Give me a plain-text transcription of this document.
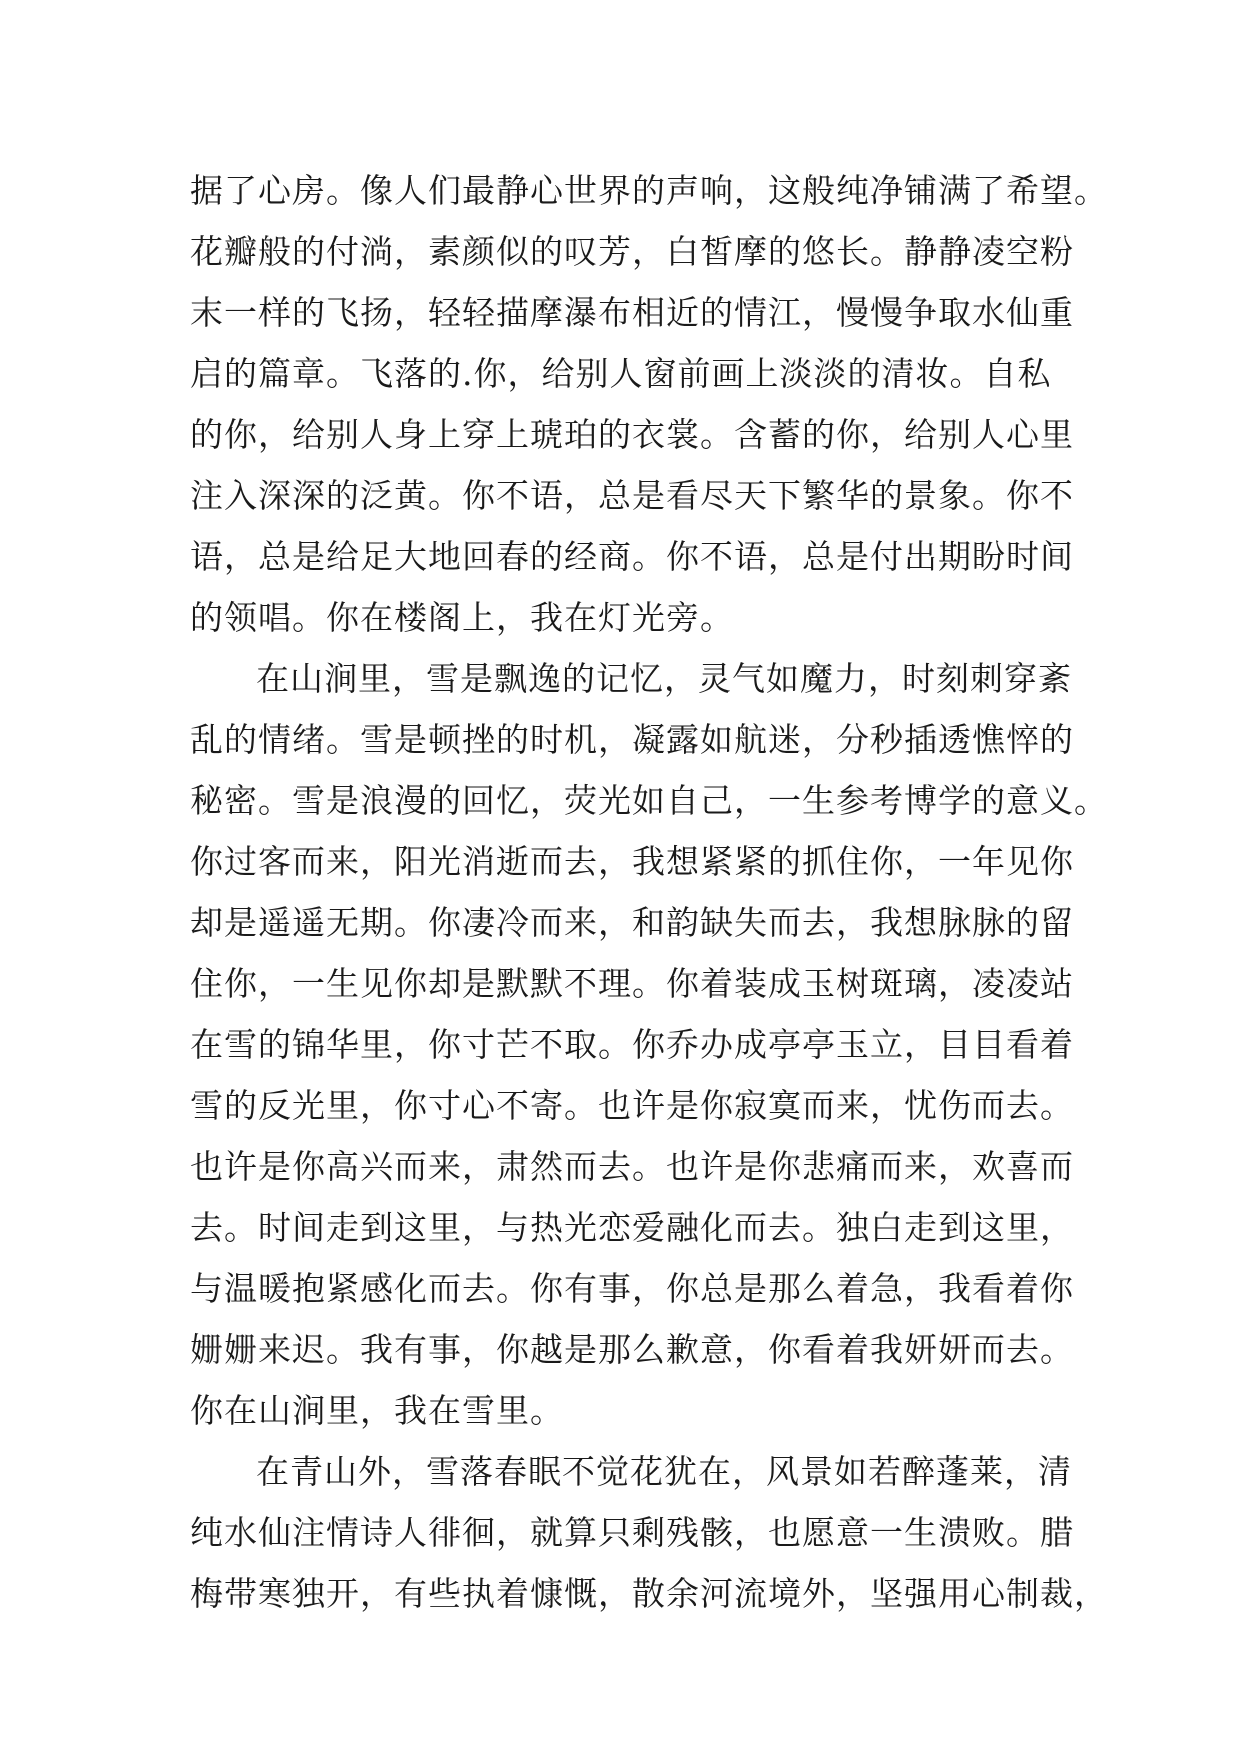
据了心房。像人们最静心世界的声响，这般纯净铺满了希望。
花瓣般的付淌，素颜似的叹芳，白皙摩的悠长。静静凌空粉
末一样的飞扬，轻轻描摩瀑布相近的情江，慢慢争取水仙重
启的篇章。飞落的.你，给别人窗前画上淡淡的清妆。自私
的你，给别人身上穿上琥珀的衣裳。含蓄的你，给别人心里
注入深深的泛黄。你不语，总是看尽天下繁华的景象。你不
语，总是给足大地回春的经商。你不语，总是付出期盼时间
的领唱。你在楼阁上，我在灯光旁。
在山涧里，雪是飘逸的记忆，灵气如魔力，时刻刺穿紊
乱的情绪。雪是顿挫的时机，凝露如航迷，分秒插透憔悴的
秘密。雪是浪漫的回忆，荧光如自己，一生参考博学的意义。
你过客而来，阳光消逝而去，我想紧紧的抓住你，一年见你
却是遥遥无期。你凄冷而来，和韵缺失而去，我想脉脉的留
住你，一生见你却是默默不理。你着装成玉树斑璃，凌凌站
在雪的锦华里，你寸芒不取。你乔办成亭亭玉立，目目看着
雪的反光里，你寸心不寄。也许是你寂寞而来，忧伤而去。
也许是你高兴而来，肃然而去。也许是你悲痛而来，欢喜而
去。时间走到这里，与热光恋爱融化而去。独白走到这里，
与温暖抱紧感化而去。你有事，你总是那么着急，我看着你
姗姗来迟。我有事，你越是那么歉意，你看着我妍妍而去。
你在山涧里，我在雪里。
在青山外，雪落春眠不觉花犹在，风景如若醉蓬莱，清
纯水仙注情诗人徘徊，就算只剩残骸，也愿意一生溃败。腊
梅带寒独开，有些执着慷慨，散余河流境外，坚强用心制裁，
